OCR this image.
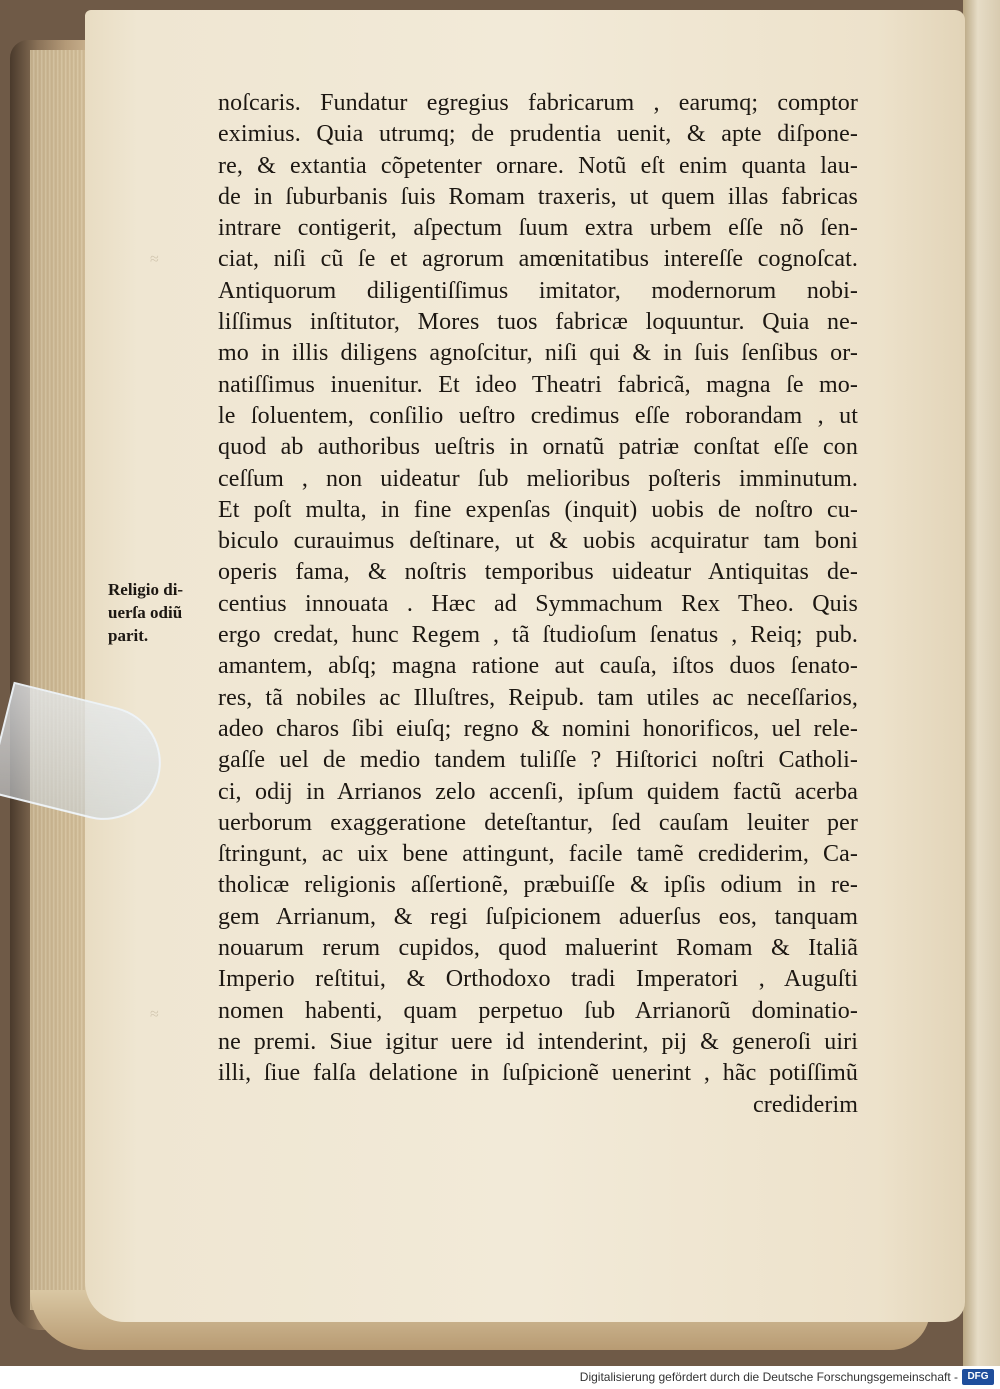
≈
≈
noſcaris. Fundatur egregius fabricarum , earumq; comptor
eximius. Quia utrumq; de prudentia uenit, & apte diſpone-
re, & extantia cõpetenter ornare. Notũ eſt enim quanta lau-
de in ſuburbanis ſuis Romam traxeris, ut quem illas fabricas
intrare contigerit, aſpectum ſuum extra urbem eſſe nõ ſen-
ciat, niſi cũ ſe et agrorum amœnitatibus intereſſe cognoſcat.
Antiquorum diligentiſſimus imitator, modernorum nobi-
liſſimus inſtitutor, Mores tuos fabricæ loquuntur. Quia ne-
mo in illis diligens agnoſcitur, niſi qui & in ſuis ſenſibus or-
natiſſimus inuenitur. Et ideo Theatri fabricã, magna ſe mo-
le ſoluentem, conſilio ueſtro credimus eſſe roborandam , ut
quod ab authoribus ueſtris in ornatũ patriæ conſtat eſſe con
ceſſum , non uideatur ſub melioribus poſteris imminutum.
Et poſt multa, in fine expenſas (inquit) uobis de noſtro cu-
biculo curauimus deſtinare, ut & uobis acquiratur tam boni
operis fama, & noſtris temporibus uideatur Antiquitas de-
centius innouata . Hæc ad Symmachum Rex Theo. Quis
ergo credat, hunc Regem , tã ſtudioſum ſenatus , Reiq; pub.
amantem, abſq; magna ratione aut cauſa, iſtos duos ſenato-
res, tã nobiles ac Illuſtres, Reipub. tam utiles ac neceſſarios,
adeo charos ſibi eiuſq; regno & nomini honorificos, uel rele-
gaſſe uel de medio tandem tuliſſe ? Hiſtorici noſtri Catholi-
ci, odij in Arrianos zelo accenſi, ipſum quidem factũ acerba
uerborum exaggeratione deteſtantur, ſed cauſam leuiter per
ſtringunt, ac uix bene attingunt, facile tamẽ crediderim, Ca-
tholicæ religionis aſſertionẽ, præbuiſſe & ipſis odium in re-
gem Arrianum, & regi ſuſpicionem aduerſus eos, tanquam
nouarum rerum cupidos, quod maluerint Romam & Italiã
Imperio reſtitui, & Orthodoxo tradi Imperatori , Auguſti
nomen habenti, quam perpetuo ſub Arrianorũ dominatio-
ne premi. Siue igitur uere id intenderint, pij & generoſi uiri
illi, ſiue falſa delatione in ſuſpicionẽ uenerint , hãc potiſſimũ
crediderim
Religio di-
uerſa odiũ
parit.
Digitalisierung gefördert durch die Deutsche Forschungsgemeinschaft - DFG
